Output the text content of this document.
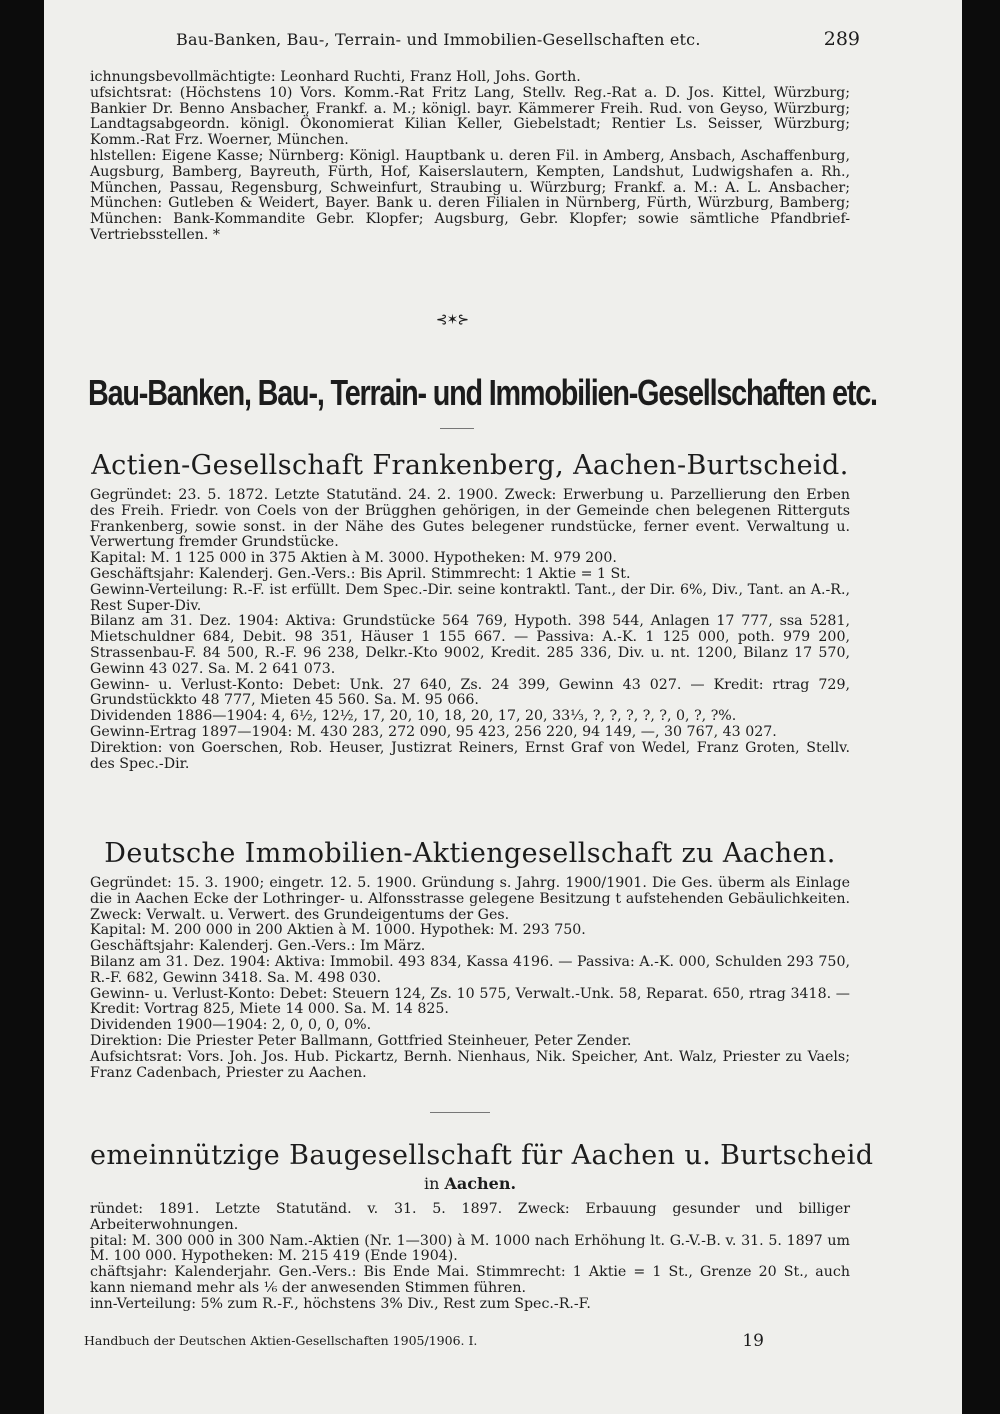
Bau-Banken, Bau-, Terrain- und Immobilien-Gesellschaften etc.	289

ichnungsbevollmächtigte: Leonhard Ruchti, Franz Holl, Johs. Gorth.

ufsichtsrat: (Höchstens 10) Vors. Komm.-Rat Fritz Lang, Stellv. Reg.-Rat a. D. Jos. Kittel, Würzburg; Bankier Dr. Benno Ansbacher, Frankf. a. M.; königl. bayr. Kämmerer Freih. Rud. von Geyso, Würzburg; Landtagsabgeordn. königl. Ökonomierat Kilian Keller, Giebelstadt; Rentier Ls. Seisser, Würzburg; Komm.-Rat Frz. Woerner, München.

hlstellen: Eigene Kasse; Nürnberg: Königl. Hauptbank u. deren Fil. in Amberg, Ansbach, Aschaffenburg, Augsburg, Bamberg, Bayreuth, Fürth, Hof, Kaiserslautern, Kempten, Landshut, Ludwigshafen a. Rh., München, Passau, Regensburg, Schweinfurt, Straubing u. Würzburg; Frankf. a. M.: A. L. Ansbacher; München: Gutleben & Weidert, Bayer. Bank u. deren Filialen in Nürnberg, Fürth, Würzburg, Bamberg; München: Bank-Kommandite Gebr. Klopfer; Augsburg, Gebr. Klopfer; sowie sämtliche Pfandbrief-Vertriebsstellen. *

⊰✶⊱
Bau-Banken, Bau-, Terrain- und Immobilien-Gesellschaften etc.
Actien-Gesellschaft Frankenberg, Aachen-Burtscheid.

Gegründet: 23. 5. 1872. Letzte Statutänd. 24. 2. 1900. Zweck: Erwerbung u. Parzellierung den Erben des Freih. Friedr. von Coels von der Brügghen gehörigen, in der Gemeinde chen belegenen Ritterguts Frankenberg, sowie sonst. in der Nähe des Gutes belegener rundstücke, ferner event. Verwaltung u. Verwertung fremder Grundstücke.

Kapital: M. 1 125 000 in 375 Aktien à M. 3000. Hypotheken: M. 979 200.

Geschäftsjahr: Kalenderj. Gen.-Vers.: Bis April. Stimmrecht: 1 Aktie = 1 St.

Gewinn-Verteilung: R.-F. ist erfüllt. Dem Spec.-Dir. seine kontraktl. Tant., der Dir. 6%, Div., Tant. an A.-R., Rest Super-Div.

Bilanz am 31. Dez. 1904: Aktiva: Grundstücke 564 769, Hypoth. 398 544, Anlagen 17 777, ssa 5281, Mietschuldner 684, Debit. 98 351, Häuser 1 155 667. — Passiva: A.-K. 1 125 000, poth. 979 200, Strassenbau-F. 84 500, R.-F. 96 238, Delkr.-Kto 9002, Kredit. 285 336, Div. u. nt. 1200, Bilanz 17 570, Gewinn 43 027. Sa. M. 2 641 073.

Gewinn- u. Verlust-Konto: Debet: Unk. 27 640, Zs. 24 399, Gewinn 43 027. — Kredit: rtrag 729, Grundstückkto 48 777, Mieten 45 560. Sa. M. 95 066.

Dividenden 1886—1904: 4, 6½, 12½, 17, 20, 10, 18, 20, 17, 20, 33⅓, ?, ?, ?, ?, ?, 0, ?, ?%.

Gewinn-Ertrag 1897—1904: M. 430 283, 272 090, 95 423, 256 220, 94 149, —, 30 767, 43 027.

Direktion: von Goerschen, Rob. Heuser, Justizrat Reiners, Ernst Graf von Wedel, Franz Groten, Stellv. des Spec.-Dir.

Deutsche Immobilien-Aktiengesellschaft zu Aachen.

Gegründet: 15. 3. 1900; eingetr. 12. 5. 1900. Gründung s. Jahrg. 1900/1901. Die Ges. überm als Einlage die in Aachen Ecke der Lothringer- u. Alfonsstrasse gelegene Besitzung t aufstehenden Gebäulichkeiten. Zweck: Verwalt. u. Verwert. des Grundeigentums der Ges.

Kapital: M. 200 000 in 200 Aktien à M. 1000. Hypothek: M. 293 750.

Geschäftsjahr: Kalenderj. Gen.-Vers.: Im März.

Bilanz am 31. Dez. 1904: Aktiva: Immobil. 493 834, Kassa 4196. — Passiva: A.-K. 000, Schulden 293 750, R.-F. 682, Gewinn 3418. Sa. M. 498 030.

Gewinn- u. Verlust-Konto: Debet: Steuern 124, Zs. 10 575, Verwalt.-Unk. 58, Reparat. 650, rtrag 3418. — Kredit: Vortrag 825, Miete 14 000. Sa. M. 14 825.

Dividenden 1900—1904: 2, 0, 0, 0, 0%.

Direktion: Die Priester Peter Ballmann, Gottfried Steinheuer, Peter Zender.

Aufsichtsrat: Vors. Joh. Jos. Hub. Pickartz, Bernh. Nienhaus, Nik. Speicher, Ant. Walz, Priester zu Vaels; Franz Cadenbach, Priester zu Aachen.

emeinnützige Baugesellschaft für Aachen u. Burtscheid
in Aachen.

ründet: 1891. Letzte Statutänd. v. 31. 5. 1897. Zweck: Erbauung gesunder und billiger Arbeiterwohnungen.

pital: M. 300 000 in 300 Nam.-Aktien (Nr. 1—300) à M. 1000 nach Erhöhung lt. G.-V.-B. v. 31. 5. 1897 um M. 100 000. Hypotheken: M. 215 419 (Ende 1904).

chäftsjahr: Kalenderjahr. Gen.-Vers.: Bis Ende Mai. Stimmrecht: 1 Aktie = 1 St., Grenze 20 St., auch kann niemand mehr als ⅙ der anwesenden Stimmen führen.

inn-Verteilung: 5% zum R.-F., höchstens 3% Div., Rest zum Spec.-R.-F.

Handbuch der Deutschen Aktien-Gesellschaften 1905/1906. I.	19
